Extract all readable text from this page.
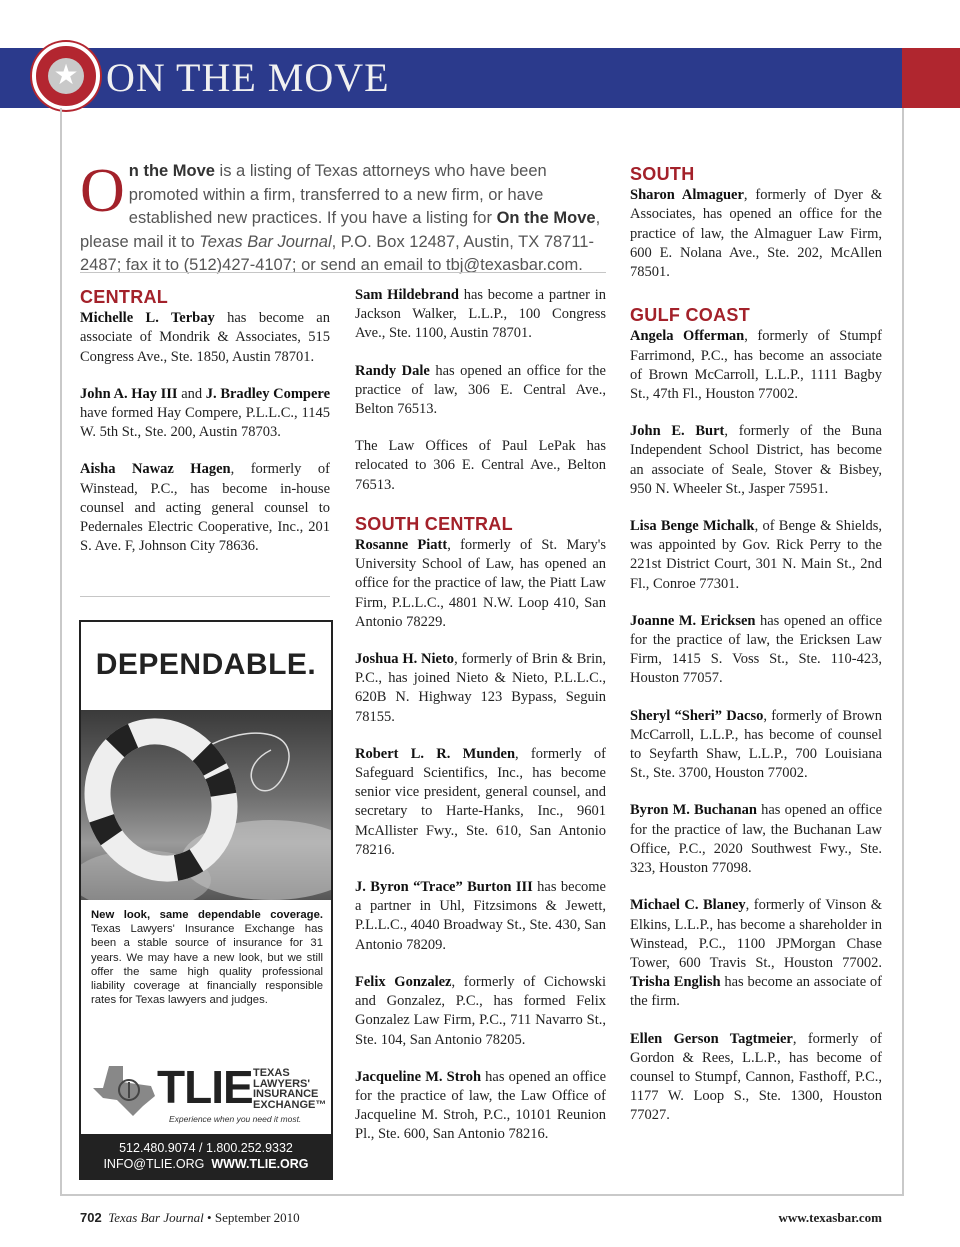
★ ON THE MOVE
On the Move is a listing of Texas attorneys who have been promoted within a firm, transferred to a new firm, or have established new practices. If you have a listing for On the Move, please mail it to Texas Bar Journal, P.O. Box 12487, Austin, TX 78711-2487; fax it to (512)427-4107; or send an email to tbj@texasbar.com.
CENTRAL

Michelle L. Terbay has become an associate of Mondrik & Associates, 515 Congress Ave., Ste. 1850, Austin 78701.

John A. Hay III and J. Bradley Compere have formed Hay Compere, P.L.L.C., 1145 W. 5th St., Ste. 200, Austin 78703.

Aisha Nawaz Hagen, formerly of Winstead, P.C., has become in-house counsel and acting general counsel to Pedernales Electric Cooperative, Inc., 201 S. Ave. F, Johnson City 78636.

DEPENDABLE.
New look, same dependable coverage. Texas Lawyers' Insurance Exchange has been a stable source of insurance for 31 years. We may have a new look, but we still offer the same high quality professional liability coverage at financially responsible rates for Texas lawyers and judges.
TLIE TEXAS
LAWYERS'
INSURANCE
EXCHANGE™
Experience when you need it most.
512.480.9074 / 1.800.252.9332
INFO@TLIE.ORG WWW.TLIE.ORG

Sam Hildebrand has become a partner in Jackson Walker, L.L.P., 100 Congress Ave., Ste. 1100, Austin 78701.

Randy Dale has opened an office for the practice of law, 306 E. Central Ave., Belton 76513.

The Law Offices of Paul LePak has relocated to 306 E. Central Ave., Belton 76513.

SOUTH CENTRAL

Rosanne Piatt, formerly of St. Mary's University School of Law, has opened an office for the practice of law, the Piatt Law Firm, P.L.L.C., 4801 N.W. Loop 410, San Antonio 78229.

Joshua H. Nieto, formerly of Brin & Brin, P.C., has joined Nieto & Nieto, P.L.L.C., 620B N. Highway 123 Bypass, Seguin 78155.

Robert L. R. Munden, formerly of Safeguard Scientifics, Inc., has become senior vice president, general counsel, and secretary to Harte-Hanks, Inc., 9601 McAllister Fwy., Ste. 610, San Antonio 78216.

J. Byron “Trace” Burton III has become a partner in Uhl, Fitzsimons & Jewett, P.L.L.C., 4040 Broadway St., Ste. 430, San Antonio 78209.

Felix Gonzalez, formerly of Cichowski and Gonzalez, P.C., has formed Felix Gonzalez Law Firm, P.C., 711 Navarro St., Ste. 104, San Antonio 78205.

Jacqueline M. Stroh has opened an office for the practice of law, the Law Office of Jacqueline M. Stroh, P.C., 10101 Reunion Pl., Ste. 600, San Antonio 78216.

SOUTH

Sharon Almaguer, formerly of Dyer & Associates, has opened an office for the practice of law, the Almaguer Law Firm, 600 E. Nolana Ave., Ste. 202, McAllen 78501.

GULF COAST

Angela Offerman, formerly of Stumpf Farrimond, P.C., has become an associate of Brown McCarroll, L.L.P., 1111 Bagby St., 47th Fl., Houston 77002.

John E. Burt, formerly of the Buna Independent School District, has become an associate of Seale, Stover & Bisbey, 950 N. Wheeler St., Jasper 75951.

Lisa Benge Michalk, of Benge & Shields, was appointed by Gov. Rick Perry to the 221st District Court, 301 N. Main St., 2nd Fl., Conroe 77301.

Joanne M. Ericksen has opened an office for the practice of law, the Ericksen Law Firm, 1415 S. Voss St., Ste. 110-423, Houston 77057.

Sheryl “Sheri” Dacso, formerly of Brown McCarroll, L.L.P., has become of counsel to Seyfarth Shaw, L.L.P., 700 Louisiana St., Ste. 3700, Houston 77002.

Byron M. Buchanan has opened an office for the practice of law, the Buchanan Law Office, P.C., 2020 Southwest Fwy., Ste. 323, Houston 77098.

Michael C. Blaney, formerly of Vinson & Elkins, L.L.P., has become a shareholder in Winstead, P.C., 1100 JPMorgan Chase Tower, 600 Travis St., Houston 77002. Trisha English has become an associate of the firm.

Ellen Gerson Tagtmeier, formerly of Gordon & Rees, L.L.P., has become of counsel to Stumpf, Cannon, Fasthoff, P.C., 1177 W. Loop S., Ste. 1300, Houston 77027.

702 Texas Bar Journal • September 2010	www.texasbar.com
